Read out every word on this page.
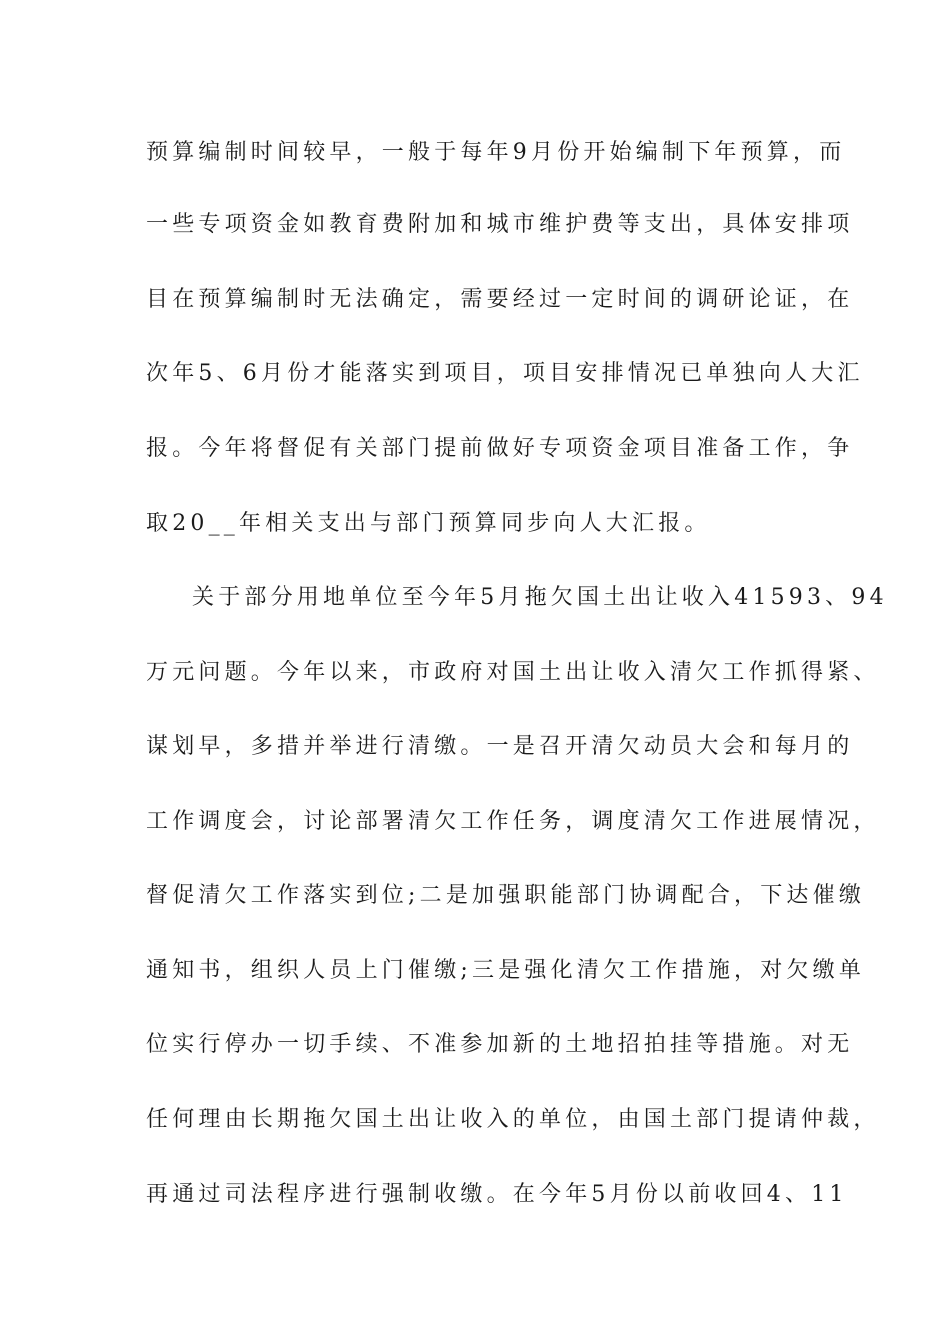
预算编制时间较早，一般于每年9月份开始编制下年预算，而
一些专项资金如教育费附加和城市维护费等支出，具体安排项
目在预算编制时无法确定，需要经过一定时间的调研论证，在
次年5、6月份才能落实到项目，项目安排情况已单独向人大汇
报。今年将督促有关部门提前做好专项资金项目准备工作，争
取20__年相关支出与部门预算同步向人大汇报。
关于部分用地单位至今年5月拖欠国土出让收入41593、94
万元问题。今年以来，市政府对国土出让收入清欠工作抓得紧、
谋划早，多措并举进行清缴。一是召开清欠动员大会和每月的
工作调度会，讨论部署清欠工作任务，调度清欠工作进展情况，
督促清欠工作落实到位;二是加强职能部门协调配合，下达催缴
通知书，组织人员上门催缴;三是强化清欠工作措施，对欠缴单
位实行停办一切手续、不准参加新的土地招拍挂等措施。对无
任何理由长期拖欠国土出让收入的单位，由国土部门提请仲裁，
再通过司法程序进行强制收缴。在今年5月份以前收回4、11
